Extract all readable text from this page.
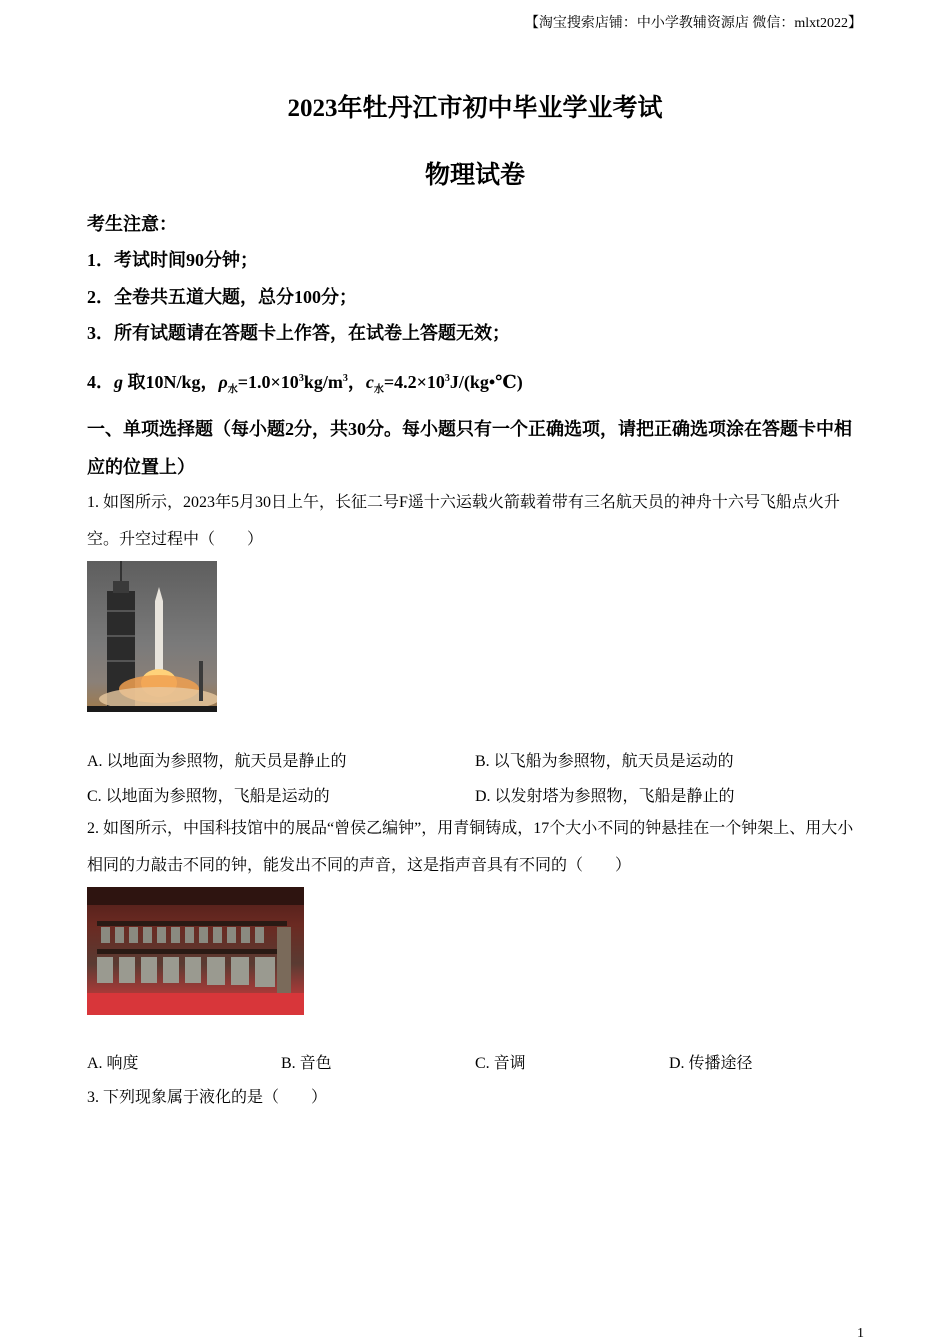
【淘宝搜索店铺：中小学教辅资源店 微信：mlxt2022】
2023年牡丹江市初中毕业学业考试
物理试卷
考生注意：
1．考试时间90分钟；
2．全卷共五道大题，总分100分；
3．所有试题请在答题卡上作答，在试卷上答题无效；
4．g 取10N/kg，$\rho_水=1.0\times 10^3kg/m^3$，$c_水=4.2\times 10^3J/(kg•℃)$
一、单项选择题（每小题2分，共30分。每小题只有一个正确选项，请把正确选项涂在答题卡中相应的位置上）
1. 如图所示，2023年5月30日上午，长征二号F遥十六运载火箭载着带有三名航天员的神舟十六号飞船点火升空。升空过程中（　　）
A. 以地面为参照物，航天员是静止的	B. 以飞船为参照物，航天员是运动的
C. 以地面为参照物，飞船是运动的	D. 以发射塔为参照物，飞船是静止的
2. 如图所示，中国科技馆中的展品“曾侯乙编钟”，用青铜铸成，17个大小不同的钟悬挂在一个钟架上、用大小相同的力敲击不同的钟，能发出不同的声音，这是指声音具有不同的（　　）
A. 响度	B. 音色	C. 音调	D. 传播途径
3. 下列现象属于液化的是（　　）
1
